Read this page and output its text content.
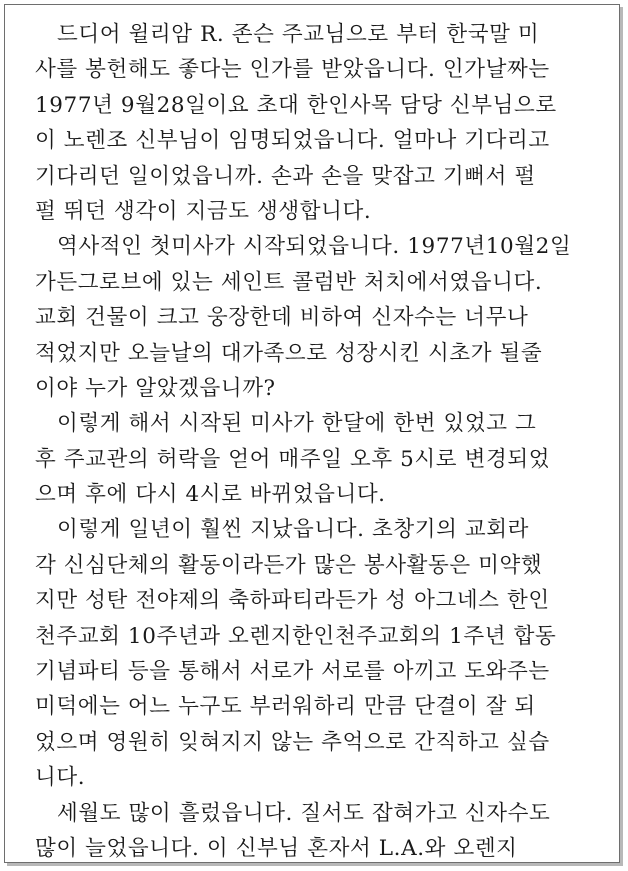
드디어 윌리암 R. 존슨 주교님으로 부터 한국말 미
사를 봉헌해도 좋다는 인가를 받았읍니다. 인가날짜는
1977년 9월28일이요 초대 한인사목 담당 신부님으로
이 노렌조 신부님이 임명되었읍니다. 얼마나 기다리고
기다리던 일이었읍니까. 손과 손을 맞잡고 기뻐서 펄
펄 뛰던 생각이 지금도 생생합니다.
역사적인 첫미사가 시작되었읍니다. 1977년10월2일
가든그로브에 있는 세인트 콜럼반 처치에서였읍니다.
교회 건물이 크고 웅장한데 비하여 신자수는 너무나
적었지만 오늘날의 대가족으로 성장시킨 시초가 될줄
이야 누가 알았겠읍니까?
이렇게 해서 시작된 미사가 한달에 한번 있었고 그
후 주교관의 허락을 얻어 매주일 오후 5시로 변경되었
으며 후에 다시 4시로 바뀌었읍니다.
이렇게 일년이 훨씬 지났읍니다. 초창기의 교회라
각 신심단체의 활동이라든가 많은 봉사활동은 미약했
지만 성탄 전야제의 축하파티라든가 성 아그네스 한인
천주교회 10주년과 오렌지한인천주교회의 1주년 합동
기념파티 등을 통해서 서로가 서로를 아끼고 도와주는
미덕에는 어느 누구도 부러워하리 만큼 단결이 잘 되
었으며 영원히 잊혀지지 않는 추억으로 간직하고 싶습
니다.
세월도 많이 흘렀읍니다. 질서도 잡혀가고 신자수도
많이 늘었읍니다. 이 신부님 혼자서 L.A.와 오렌지
